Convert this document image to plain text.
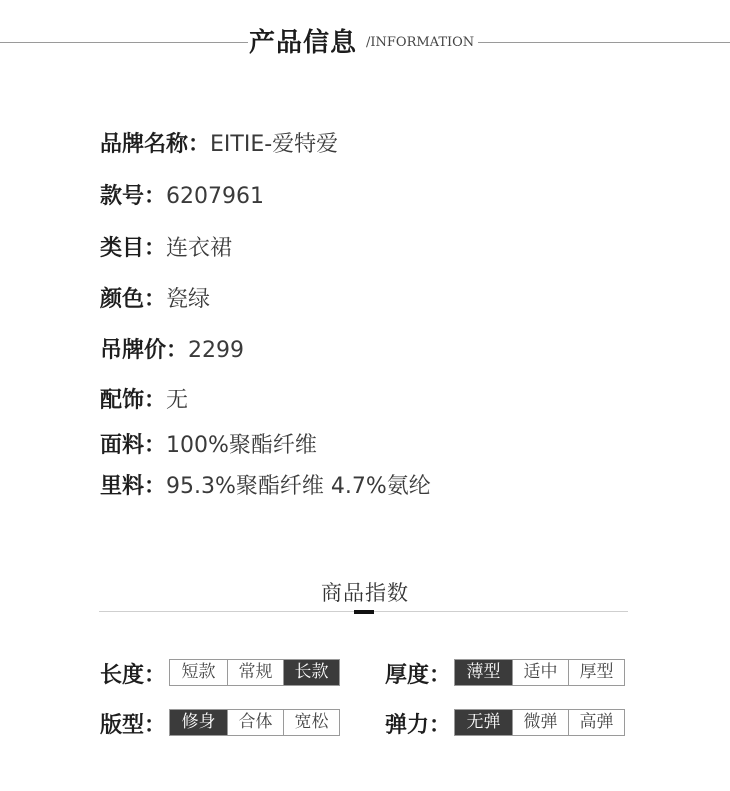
产品信息 /INFORMATION
品牌名称：EITIE-爱特爱
款号：6207961
类目：连衣裙
颜色：瓷绿
吊牌价：2299
配饰：无
面料：100%聚酯纤维
里料：95.3%聚酯纤维 4.7%氨纶
商品指数
长度： 短款	常规	长款	厚度： 薄型	适中	厚型
版型： 修身	合体	宽松	弹力： 无弹	微弹	高弹
